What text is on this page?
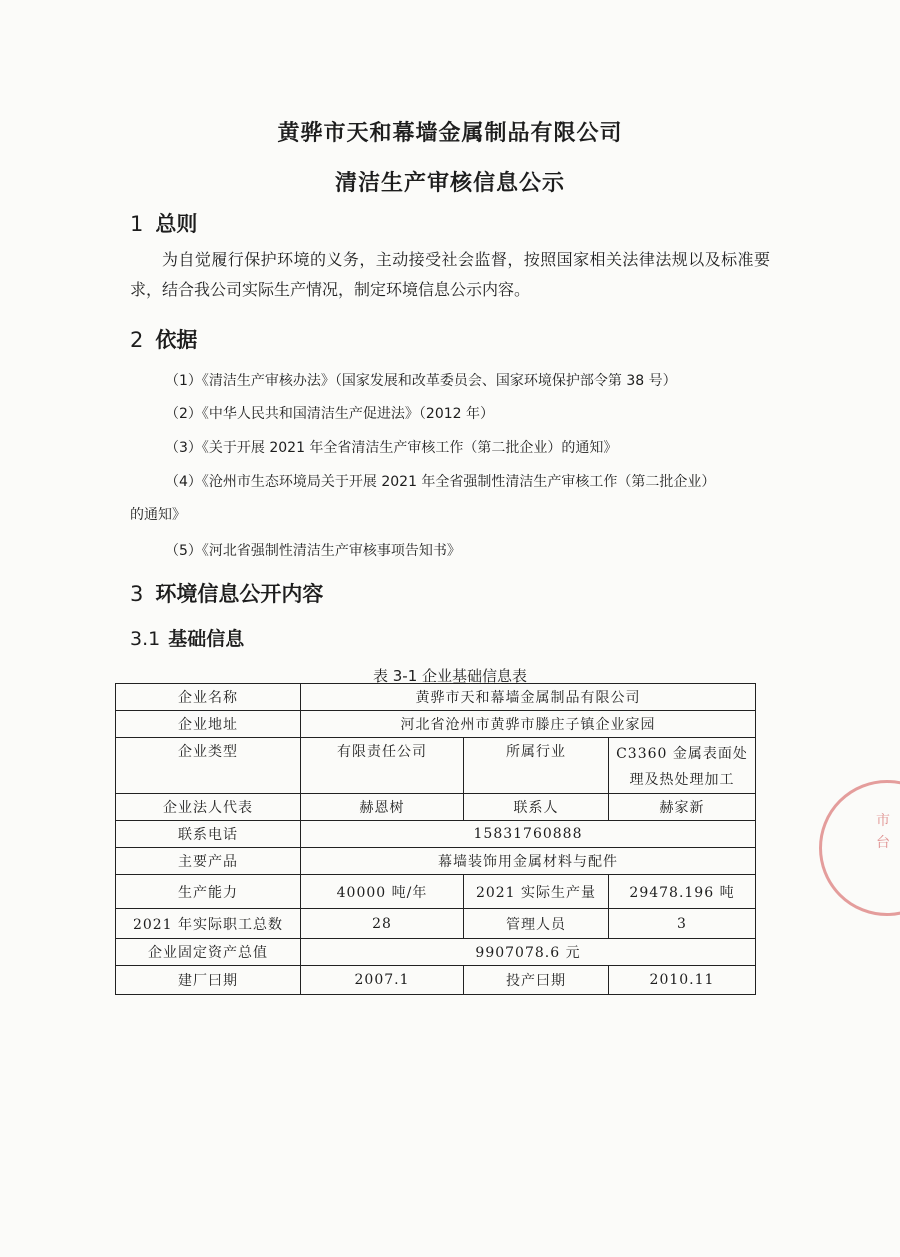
黄骅市天和幕墙金属制品有限公司
清洁生产审核信息公示
1 总则
为自觉履行保护环境的义务，主动接受社会监督，按照国家相关法律法规以及标准要求，结合我公司实际生产情况，制定环境信息公示内容。
2 依据
（1）《清洁生产审核办法》（国家发展和改革委员会、国家环境保护部令第 38 号）
（2）《中华人民共和国清洁生产促进法》（2012 年）
（3）《关于开展 2021 年全省清洁生产审核工作（第二批企业）的通知》
（4）《沧州市生态环境局关于开展 2021 年全省强制性清洁生产审核工作（第二批企业）
的通知》
（5）《河北省强制性清洁生产审核事项告知书》
3 环境信息公开内容
3.1 基础信息
表 3-1 企业基础信息表
企业名称	黄骅市天和幕墙金属制品有限公司		
企业地址	河北省沧州市黄骅市滕庄子镇企业家园		
企业类型	有限责任公司	所属行业	C3360 金属表面处
理及热处理加工

企业法人代表	赫恩树	联系人	赫家新
联系电话	15831760888		
主要产品	幕墙装饰用金属材料与配件		
生产能力	40000 吨/年	2021 实际生产量	29478.196 吨
2021 年实际职工总数	28	管理人员	3
企业固定资产总值	9907078.6 元		
建厂曰期	2007.1	投产曰期	2010.11
市台
